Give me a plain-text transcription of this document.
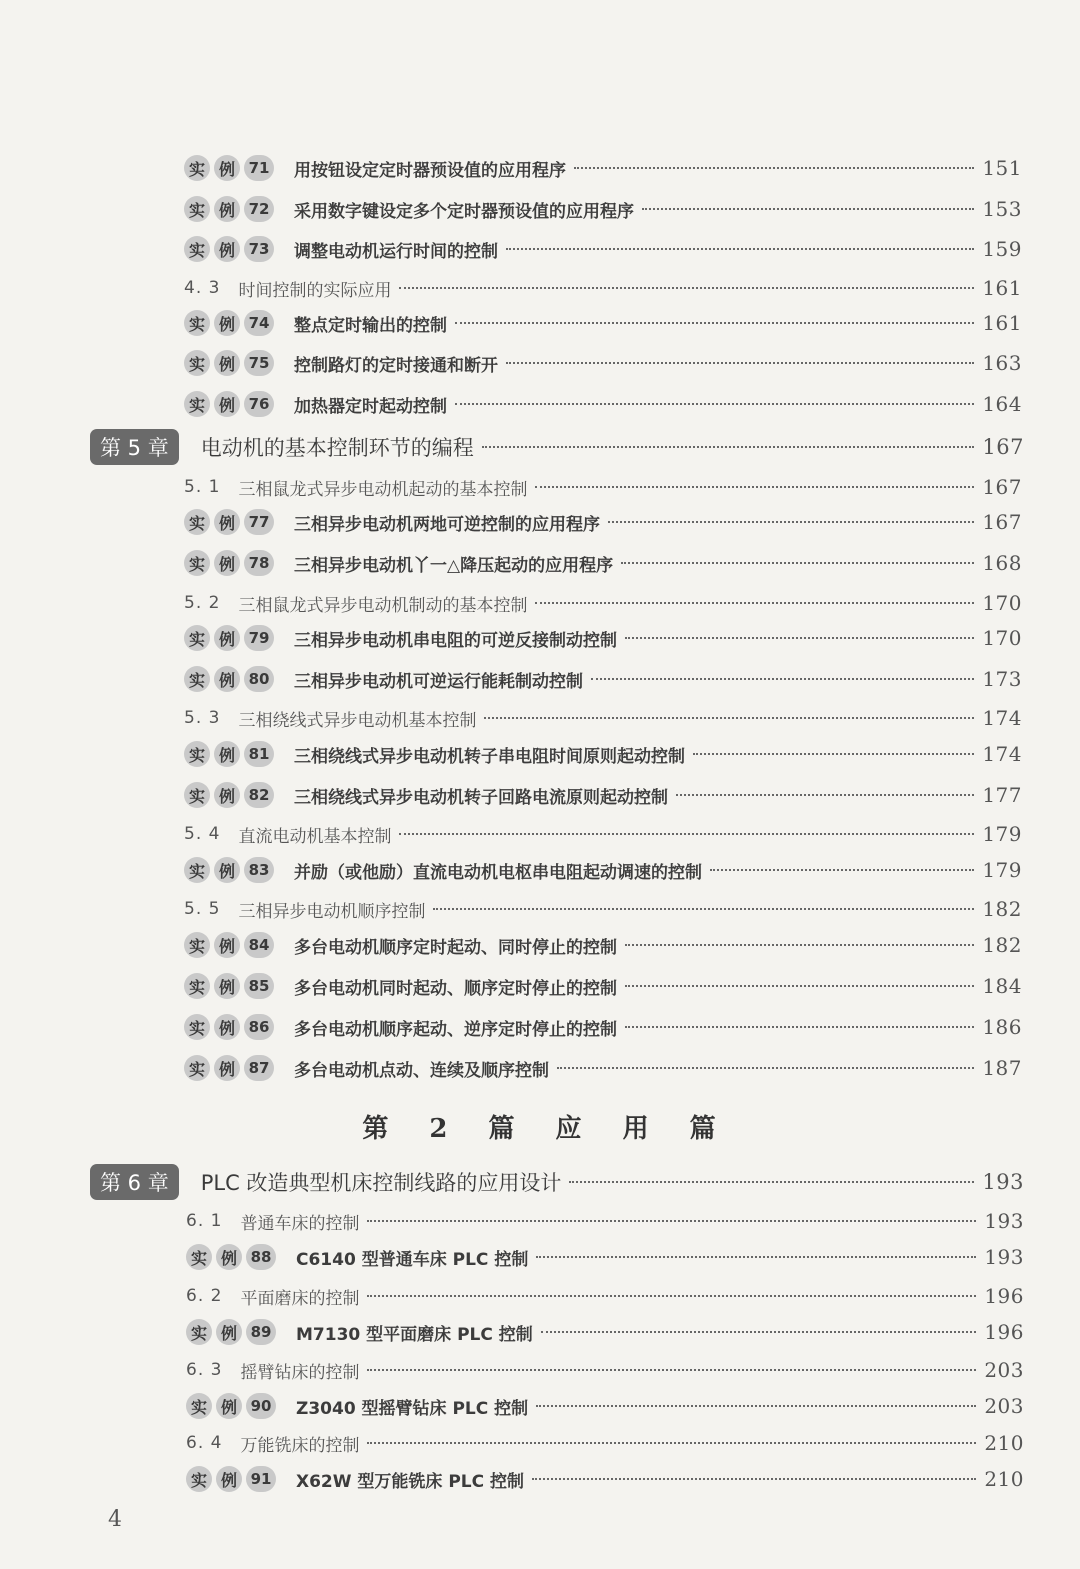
实 例 71 用按钮设定定时器预设值的应用程序	151
实 例 72 采用数字键设定多个定时器预设值的应用程序	153
实 例 73 调整电动机运行时间的控制	159
4. 3 时间控制的实际应用	161
实 例 74 整点定时输出的控制	161
实 例 75 控制路灯的定时接通和断开	163
实 例 76 加热器定时起动控制	164
第 5 章	电动机的基本控制环节的编程	167
5. 1 三相鼠龙式异步电动机起动的基本控制	167
实 例 77 三相异步电动机两地可逆控制的应用程序	167
实 例 78 三相异步电动机丫一△降压起动的应用程序	168
5. 2 三相鼠龙式异步电动机制动的基本控制	170
实 例 79 三相异步电动机串电阻的可逆反接制动控制	170
实 例 80 三相异步电动机可逆运行能耗制动控制	173
5. 3 三相绕线式异步电动机基本控制	174
实 例 81 三相绕线式异步电动机转子串电阻时间原则起动控制	174
实 例 82 三相绕线式异步电动机转子回路电流原则起动控制	177
5. 4 直流电动机基本控制	179
实 例 83 并励（或他励）直流电动机电枢串电阻起动调速的控制	179
5. 5 三相异步电动机顺序控制	182
实 例 84 多台电动机顺序定时起动、同时停止的控制	182
实 例 85 多台电动机同时起动、顺序定时停止的控制	184
实 例 86 多台电动机顺序起动、逆序定时停止的控制	186
实 例 87 多台电动机点动、连续及顺序控制	187
第 6 章	PLC 改造典型机床控制线路的应用设计	193
6. 1 普通车床的控制	193
实 例 88 C6140 型普通车床 PLC 控制	193
6. 2 平面磨床的控制	196
实 例 89 M7130 型平面磨床 PLC 控制	196
6. 3 摇臂钻床的控制	203
实 例 90 Z3040 型摇臂钻床 PLC 控制	203
6. 4 万能铣床的控制	210
实 例 91 X62W 型万能铣床 PLC 控制	210
第 2 篇 应 用 篇
4
